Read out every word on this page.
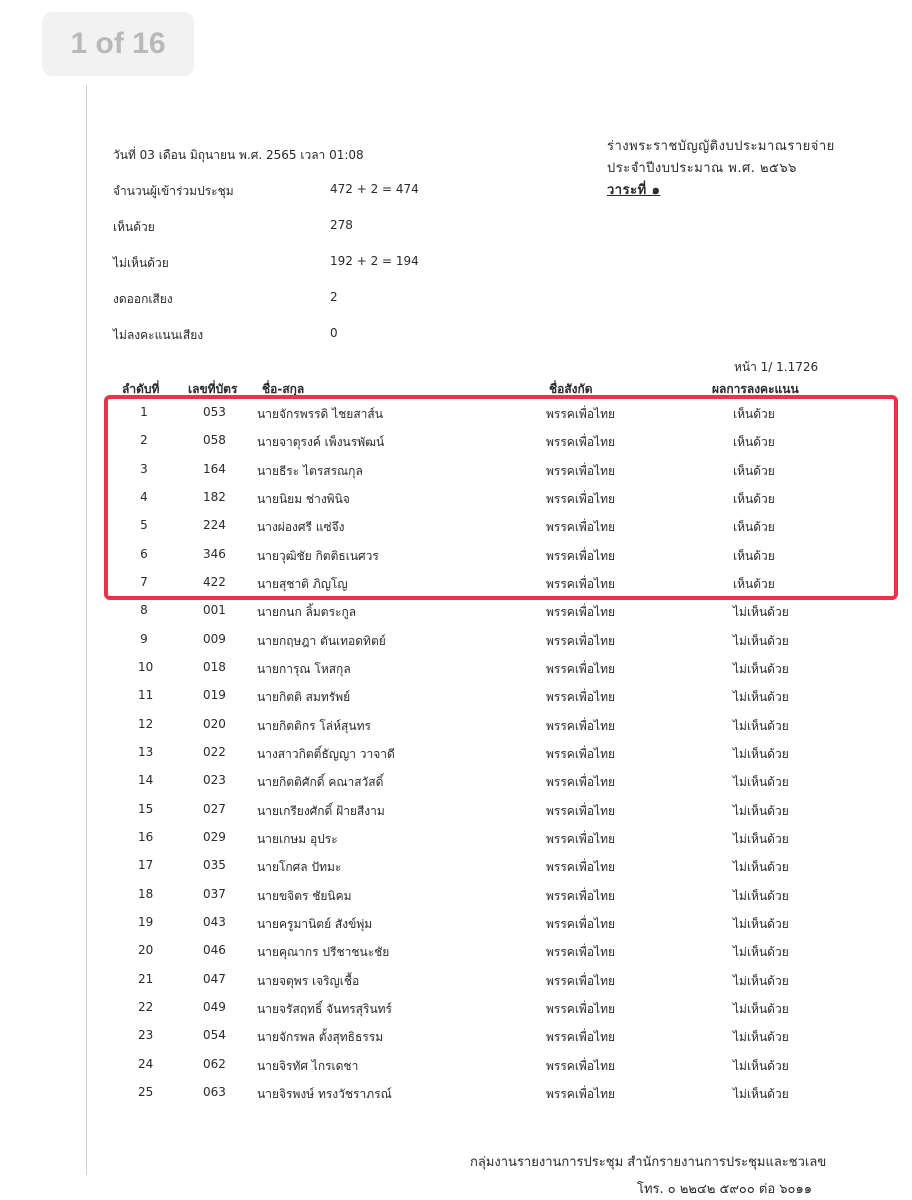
วันที่ 03 เดือน มิถุนายน พ.ศ. 2565 เวลา 01:08
ร่างพระราชบัญญัติงบประมาณรายจ่าย
ประจำปีงบประมาณ พ.ศ. ๒๕๖๖
วาระที่ ๑
จำนวนผู้เข้าร่วมประชุม	472 + 2 = 474
เห็นด้วย	278
ไม่เห็นด้วย	192 + 2 = 194
งดออกเสียง	2
ไม่ลงคะแนนเสียง	0
หน้า 1/ 1.1726
ลำดับที่ เลขที่บัตร ชื่อ-สกุล	ชื่อสังกัด	ผลการลงคะแนน
1	053	นายจักรพรรดิ ไชยสาส์น	พรรคเพื่อไทย	เห็นด้วย
2	058	นายจาตุรงค์ เพ็งนรพัฒน์	พรรคเพื่อไทย	เห็นด้วย
3	164	นายธีระ ไตรสรณกุล	พรรคเพื่อไทย	เห็นด้วย
4	182	นายนิยม ช่างพินิจ	พรรคเพื่อไทย	เห็นด้วย
5	224	นางผ่องศรี แซ่จึง	พรรคเพื่อไทย	เห็นด้วย
6	346	นายวุฒิชัย กิตติธเนศวร	พรรคเพื่อไทย	เห็นด้วย
7	422	นายสุชาติ ภิญโญ	พรรคเพื่อไทย	เห็นด้วย
8	001	นายกนก ลิ้มตระกูล	พรรคเพื่อไทย	ไม่เห็นด้วย
9	009	นายกฤษฎา ตันเทอดทิตย์	พรรคเพื่อไทย	ไม่เห็นด้วย
10	018	นายการุณ โหสกุล	พรรคเพื่อไทย	ไม่เห็นด้วย
11	019	นายกิตติ สมทรัพย์	พรรคเพื่อไทย	ไม่เห็นด้วย
12	020	นายกิตติกร โล่ห์สุนทร	พรรคเพื่อไทย	ไม่เห็นด้วย
13	022	นางสาวกิตติ์ธัญญา วาจาดี	พรรคเพื่อไทย	ไม่เห็นด้วย
14	023	นายกิตติศักดิ์ คณาสวัสดิ์	พรรคเพื่อไทย	ไม่เห็นด้วย
15	027	นายเกรียงศักดิ์ ฝ้ายสีงาม	พรรคเพื่อไทย	ไม่เห็นด้วย
16	029	นายเกษม อุประ	พรรคเพื่อไทย	ไม่เห็นด้วย
17	035	นายโกศล ปัทมะ	พรรคเพื่อไทย	ไม่เห็นด้วย
18	037	นายขจิตร ชัยนิคม	พรรคเพื่อไทย	ไม่เห็นด้วย
19	043	นายครูมานิตย์ สังข์พุ่ม	พรรคเพื่อไทย	ไม่เห็นด้วย
20	046	นายคุณากร ปรีชาชนะชัย	พรรคเพื่อไทย	ไม่เห็นด้วย
21	047	นายจตุพร เจริญเชื้อ	พรรคเพื่อไทย	ไม่เห็นด้วย
22	049	นายจรัสฤทธิ์ จันทรสุรินทร์	พรรคเพื่อไทย	ไม่เห็นด้วย
23	054	นายจักรพล ตั้งสุทธิธรรม	พรรคเพื่อไทย	ไม่เห็นด้วย
24	062	นายจิรทัศ ไกรเดชา	พรรคเพื่อไทย	ไม่เห็นด้วย
25	063	นายจิรพงษ์ ทรงวัชราภรณ์	พรรคเพื่อไทย	ไม่เห็นด้วย
กลุ่มงานรายงานการประชุม สำนักรายงานการประชุมและชวเลข
โทร. ๐ ๒๒๔๒ ๕๙๐๐ ต่อ ๖๐๑๑
1 of 16
